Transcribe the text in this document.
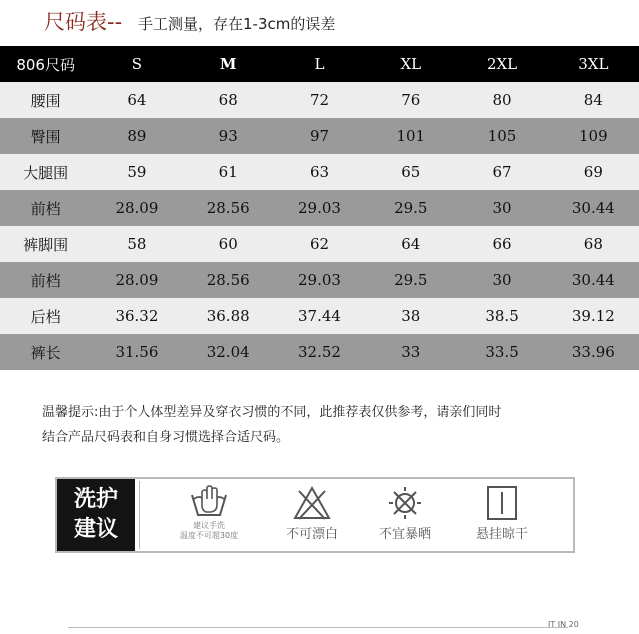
尺码表-- 手工测量，存在1-3cm的误差
806尺码	S	M	L	XL	2XL	3XL
腰围	64	68	72	76	80	84
臀围	89	93	97	101	105	109
大腿围	59	61	63	65	67	69
前档	28.09	28.56	29.03	29.5	30	30.44
裤脚围	58	60	62	64	66	68
前档	28.09	28.56	29.03	29.5	30	30.44
后档	36.32	36.88	37.44	38	38.5	39.12
裤长	31.56	32.04	32.52	33	33.5	33.96
温馨提示:由于个人体型差异及穿衣习惯的不同，此推荐表仅供参考，请亲们同时
结合产品尺码表和自身习惯选择合适尺码。
洗护
建议	建议手洗
温度不可超30度	不可漂白	不宜暴晒	悬挂晾干
IT IN 20
